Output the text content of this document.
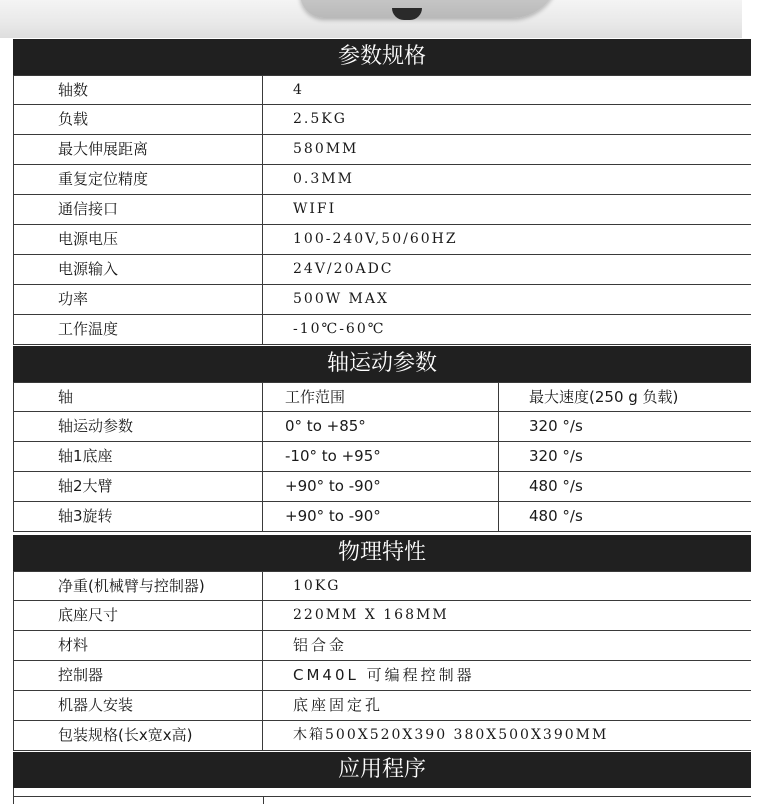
参数规格
轴数	4
负载	2.5KG
最大伸展距离	580MM
重复定位精度	0.3MM
通信接口	WIFI
电源电压	100-240V,50/60HZ
电源输入	24V/20ADC
功率	500W MAX
工作温度	-10℃-60℃
轴运动参数
轴	工作范围	最大速度(250 g 负载)
轴运动参数	0° to +85°	320 °/s
轴1底座	-10° to +95°	320 °/s
轴2大臂	+90° to -90°	480 °/s
轴3旋转	+90° to -90°	480 °/s
物理特性
净重(机械臂与控制器)	10KG
底座尺寸	220MM X 168MM
材料	铝合金
控制器	CM40L 可编程控制器
机器人安装	底座固定孔
包装规格(长x宽x高)	木箱500X520X390 380X500X390MM
应用程序
